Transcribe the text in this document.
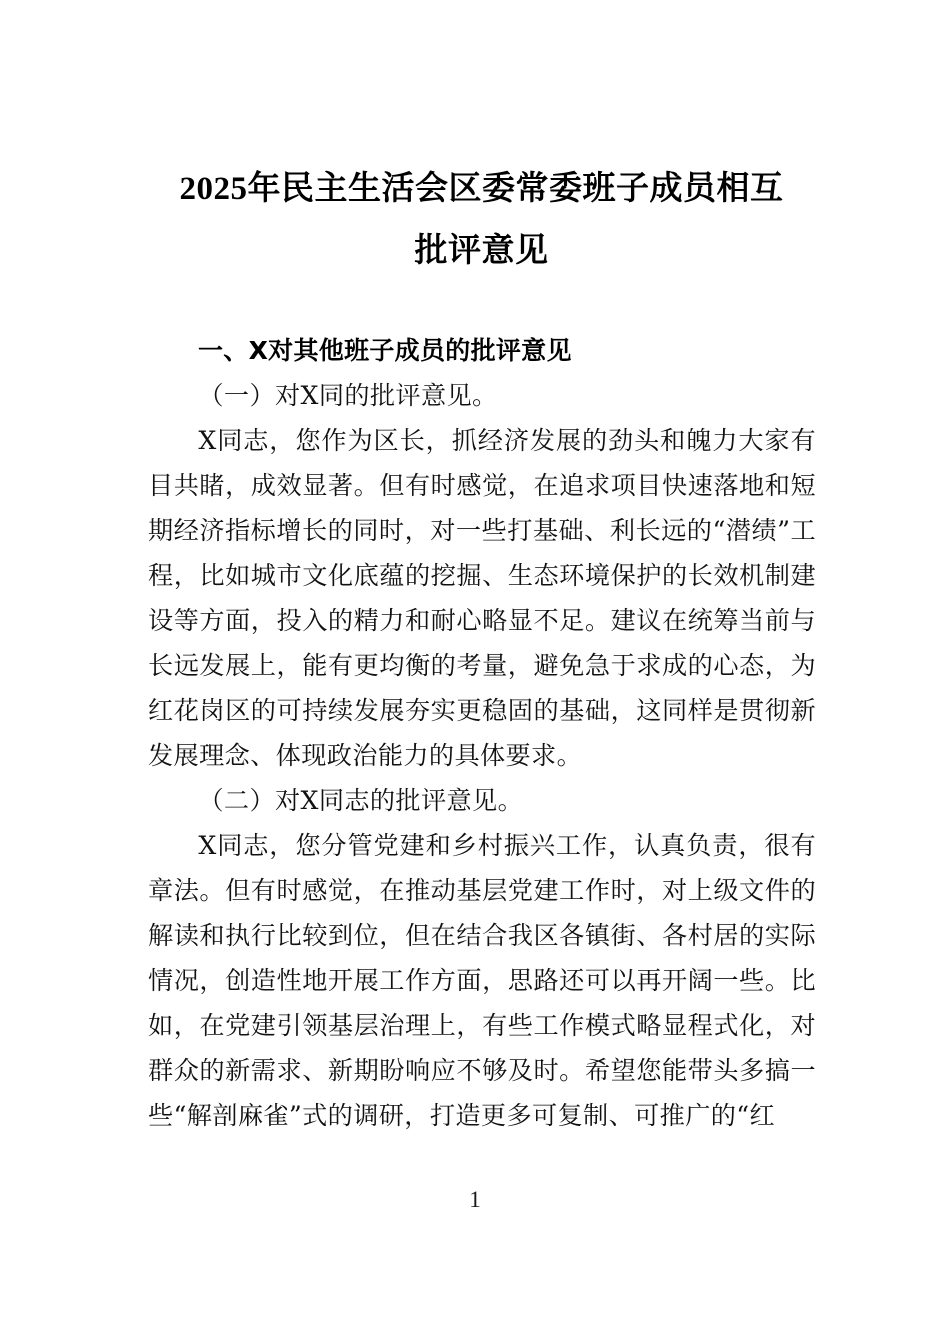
2025年民主生活会区委常委班子成员相互
批评意见
一、X对其他班子成员的批评意见

（一）对X同的批评意见。

X同志，您作为区长，抓经济发展的劲头和魄力大家有目共睹，成效显著。但有时感觉，在追求项目快速落地和短期经济指标增长的同时，对一些打基础、利长远的“潜绩”工程，比如城市文化底蕴的挖掘、生态环境保护的长效机制建设等方面，投入的精力和耐心略显不足。建议在统筹当前与长远发展上，能有更均衡的考量，避免急于求成的心态，为红花岗区的可持续发展夯实更稳固的基础，这同样是贯彻新发展理念、体现政治能力的具体要求。

（二）对X同志的批评意见。

X同志，您分管党建和乡村振兴工作，认真负责，很有章法。但有时感觉，在推动基层党建工作时，对上级文件的解读和执行比较到位，但在结合我区各镇街、各村居的实际情况，创造性地开展工作方面，思路还可以再开阔一些。比如，在党建引领基层治理上，有些工作模式略显程式化，对群众的新需求、新期盼响应不够及时。希望您能带头多搞一些“解剖麻雀”式的调研，打造更多可复制、可推广的“红

1
